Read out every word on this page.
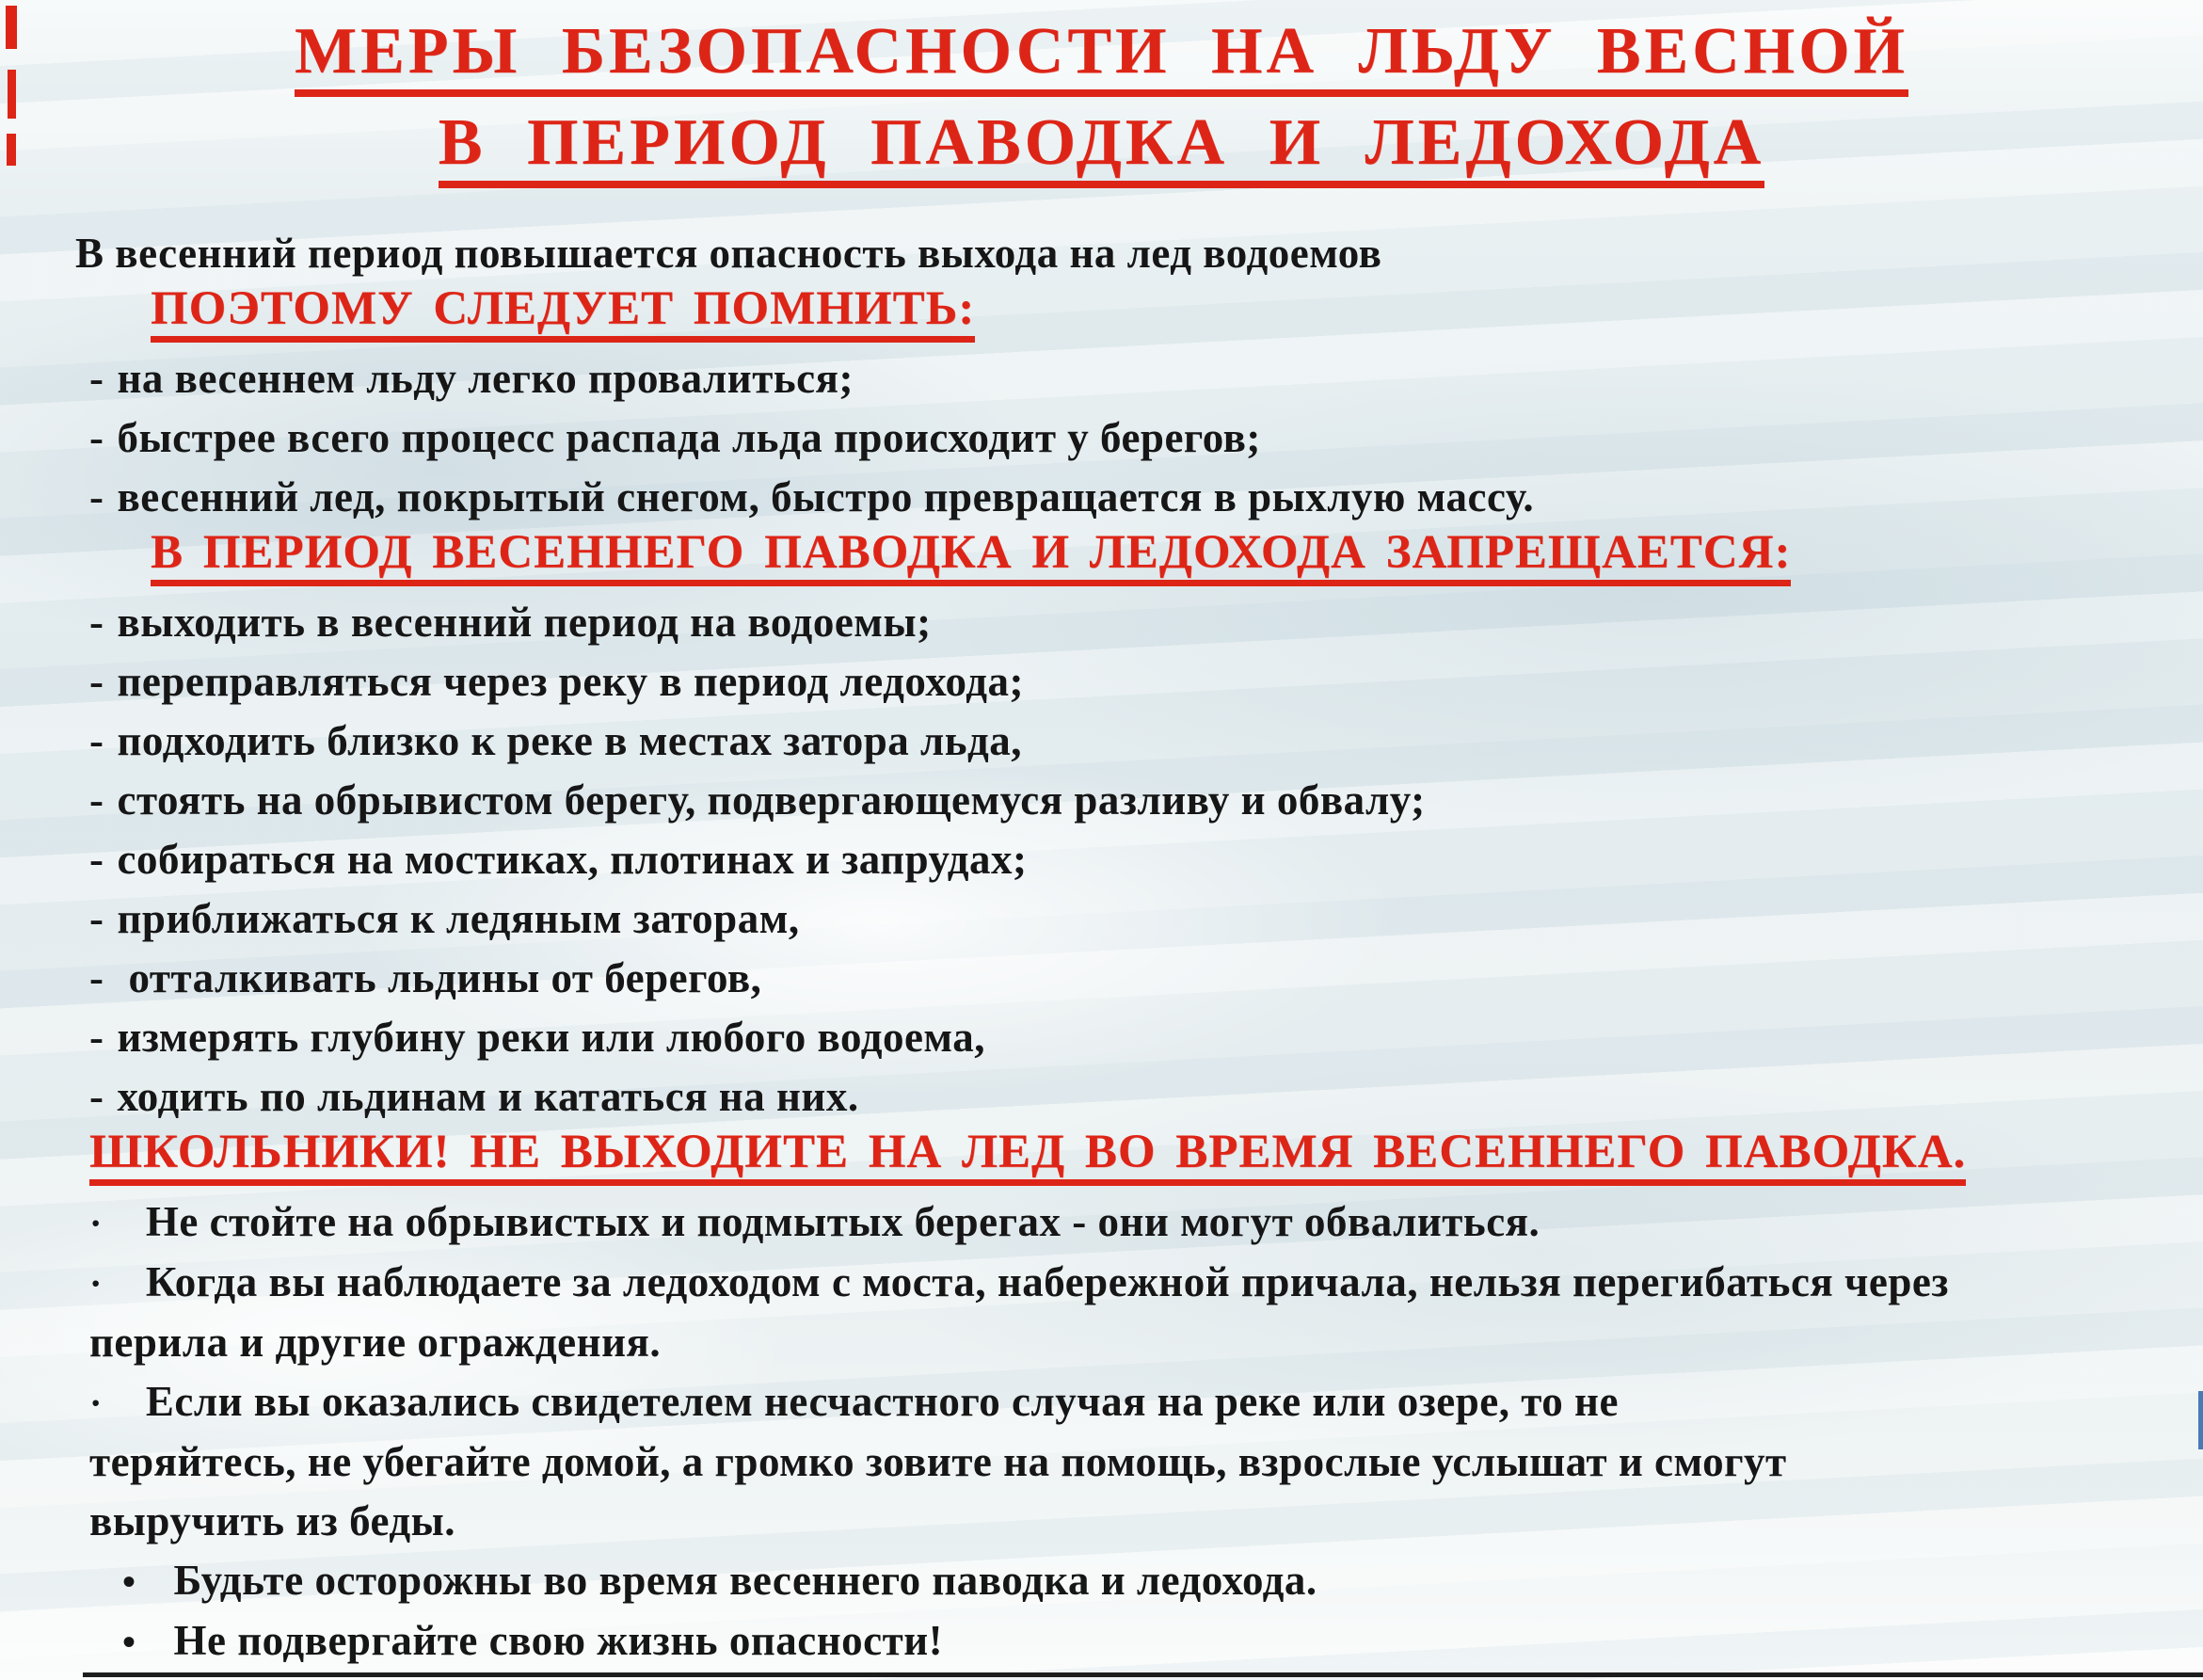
МЕРЫ БЕЗОПАСНОСТИ НА ЛЬДУ ВЕСНОЙ
В ПЕРИОД ПАВОДКА И ЛЕДОХОДА
В весенний период повышается опасность выхода на лед водоемов
ПОЭТОМУ СЛЕДУЕТ ПОМНИТЬ:
- на весеннем льду легко провалиться;
- быстрее всего процесс распада льда происходит у берегов;
- весенний лед, покрытый снегом, быстро превращается в рыхлую массу.
В ПЕРИОД ВЕСЕННЕГО ПАВОДКА И ЛЕДОХОДА ЗАПРЕЩАЕТСЯ:
- выходить в весенний период на водоемы;
- переправляться через реку в период ледохода;
- подходить близко к реке в местах затора льда,
- стоять на обрывистом берегу, подвергающемуся разливу и обвалу;
- собираться на мостиках, плотинах и запрудах;
- приближаться к ледяным заторам,
- отталкивать льдины от берегов,
- измерять глубину реки или любого водоема,
- ходить по льдинам и кататься на них.
ШКОЛЬНИКИ! НЕ ВЫХОДИТЕ НА ЛЕД ВО ВРЕМЯ ВЕСЕННЕГО ПАВОДКА.
· Не стойте на обрывистых и подмытых берегах - они могут обвалиться.
· Когда вы наблюдаете за ледоходом с моста, набережной причала, нельзя перегибаться через
перила и другие ограждения.
· Если вы оказались свидетелем несчастного случая на реке или озере, то не
теряйтесь, не убегайте домой, а громко зовите на помощь, взрослые услышат и смогут
выручить из беды.
• Будьте осторожны во время весеннего паводка и ледохода.
• Не подвергайте свою жизнь опасности!
